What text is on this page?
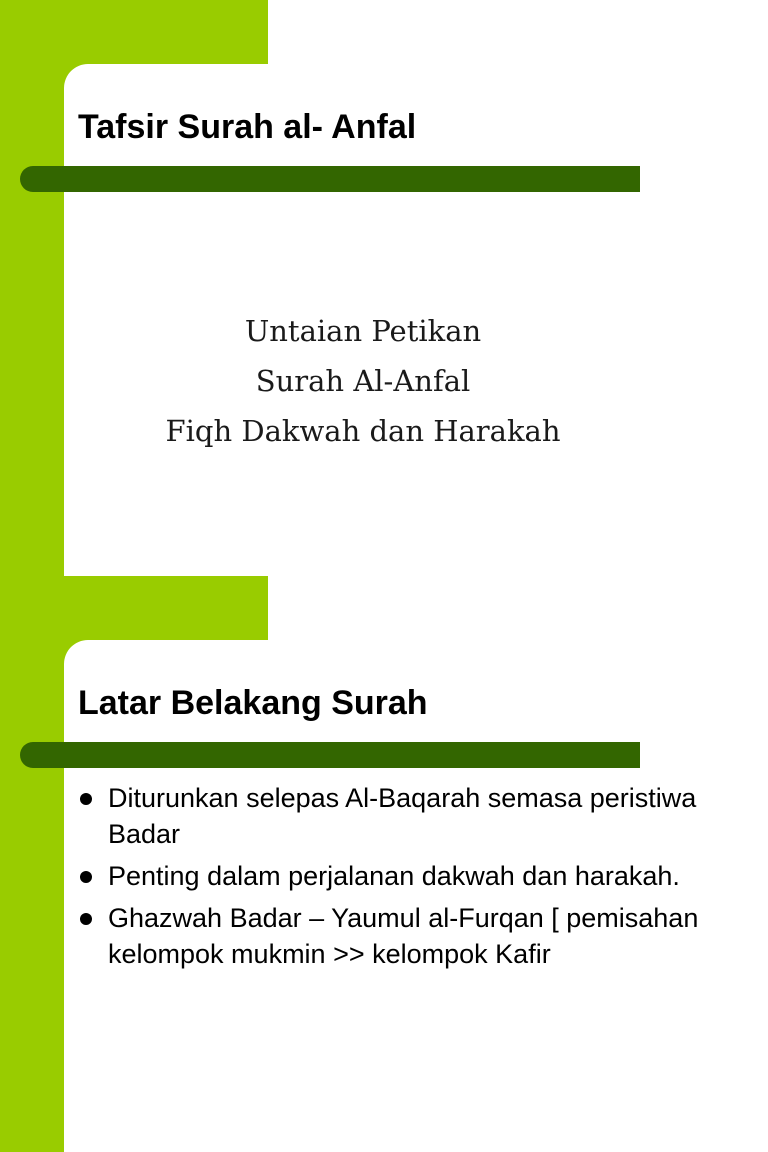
Tafsir Surah al- Anfal
Untaian Petikan
Surah Al-Anfal
Fiqh Dakwah dan Harakah
Latar Belakang Surah
Diturunkan selepas Al-Baqarah semasa peristiwa Badar
Penting dalam perjalanan dakwah dan harakah.
Ghazwah Badar – Yaumul al-Furqan [ pemisahan kelompok mukmin >> kelompok Kafir
